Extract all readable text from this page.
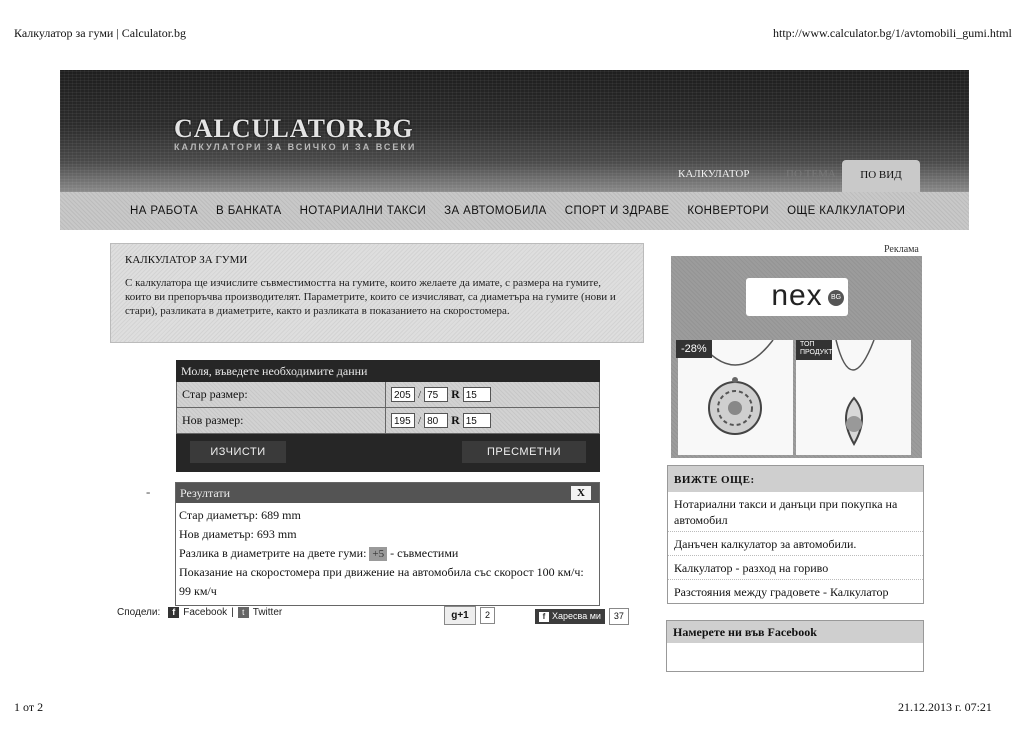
Калкулатор за гуми | Calculator.bg	http://www.calculator.bg/1/avtomobili_gumi.html
CALCULATOR.BG
КАЛКУЛАТОРИ ЗА ВСИЧКО И ЗА ВСЕКИ
КАЛКУЛАТОР	ПО ТЕМА	ПО ВИД
НА РАБОТА В БАНКАТА НОТАРИАЛНИ ТАКСИ ЗА АВТОМОБИЛА СПОРТ И ЗДРАВЕ КОНВЕРТОРИ ОЩЕ КАЛКУЛАТОРИ
КАЛКУЛАТОР ЗА ГУМИ

С калкулатора ще изчислите съвместимостта на гумите, които желаете да имате, с размера на гумите, които ви препоръчва производителят. Параметрите, които се изчисляват, са диаметъра на гумите (нови и стари), разликата в диаметрите, както и разликата в показанието на скоростомера.

Моля, въведете необходимите данни
Стар размер:	205 / 75	R 15
Нов размер:	195 / 80	R 15
ИЗЧИСТИ	ПРЕСМЕТНИ
-	Резултати	X
Стар диаметър: 689 mm
Нов диаметър: 693 mm
Разлика в диаметрите на двете гуми: +5 - съвместими
Показание на скоростомера при движение на автомобила със скорост 100 км/ч: 99 км/ч
Сподели:	f Facebook |	t Twitter	g+1	2	f Харесва ми	37
Реклама
nex	BG
-28%	ТОП ПРОДУКТ
ВИЖТЕ ОЩЕ:
Нотариални такси и данъци при покупка на автомобил
Данъчен калкулатор за автомобили.
Калкулатор - разход на гориво
Разстояния между градовете - Калкулатор
Намерете ни във Facebook
1 от 2	21.12.2013 г. 07:21
